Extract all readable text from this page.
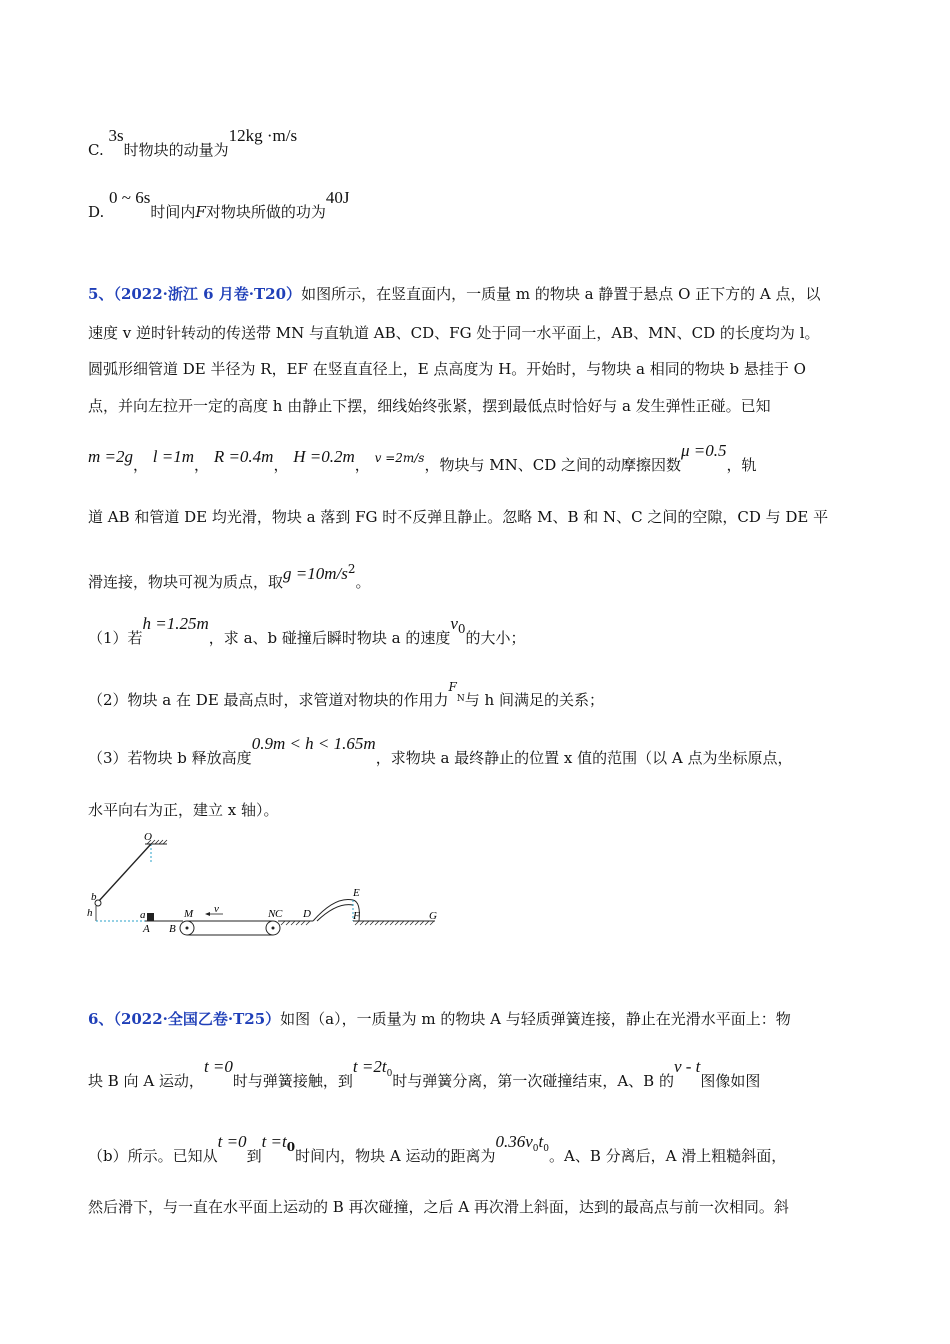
C. 3s时物块的动量为12kg ·m/s
D. 0 ~ 6s时间内F对物块所做的功为40J
5、（2022·浙江 6 月卷·T20）如图所示，在竖直面内，一质量 m 的物块 a 静置于悬点 O 正下方的 A 点，以
速度 v 逆时针转动的传送带 MN 与直轨道 AB、CD、FG 处于同一水平面上，AB、MN、CD 的长度均为 l。
圆弧形细管道 DE 半径为 R，EF 在竖直直径上，E 点高度为 H。开始时，与物块 a 相同的物块 b 悬挂于 O
点，并向左拉开一定的高度 h 由静止下摆，细线始终张紧，摆到最低点时恰好与 a 发生弹性正碰。已知
m =2g， l =1m， R =0.4m， H =0.2m， $^{v =2m/s}$，物块与 MN、CD 之间的动摩擦因数μ =0.5，轨
道 AB 和管道 DE 均光滑，物块 a 落到 FG 时不反弹且静止。忽略 M、B 和 N、C 之间的空隙，CD 与 DE 平
滑连接，物块可视为质点，取$g =10m/s^2$。
（1）若h =1.25m，求 a、b 碰撞后瞬时物块 a 的速度$v_0$的大小；
（2）物块 a 在 DE 最高点时，求管道对物块的作用力$^F_N$与 h 间满足的关系；
（3）若物块 b 释放高度0.9m < h < 1.65m，求物块 a 最终静止的位置 x 值的范围（以 A 点为坐标原点，
水平向右为正，建立 x 轴）。
O
b
h	a
A B
M v	N C D
E
F	G
6、（2022·全国乙卷·T25）如图（a），一质量为 m 的物块 A 与轻质弹簧连接，静止在光滑水平面上：物
块 B 向 A 运动，t =0时与弹簧接触，到$t =2t_0$时与弹簧分离，第一次碰撞结束，A、B 的v - t图像如图
（b）所示。已知从t =0到$t =t_0$时间内，物块 A 运动的距离为$0.36v_0t_0$。A、B 分离后，A 滑上粗糙斜面，
然后滑下，与一直在水平面上运动的 B 再次碰撞，之后 A 再次滑上斜面，达到的最高点与前一次相同。斜
